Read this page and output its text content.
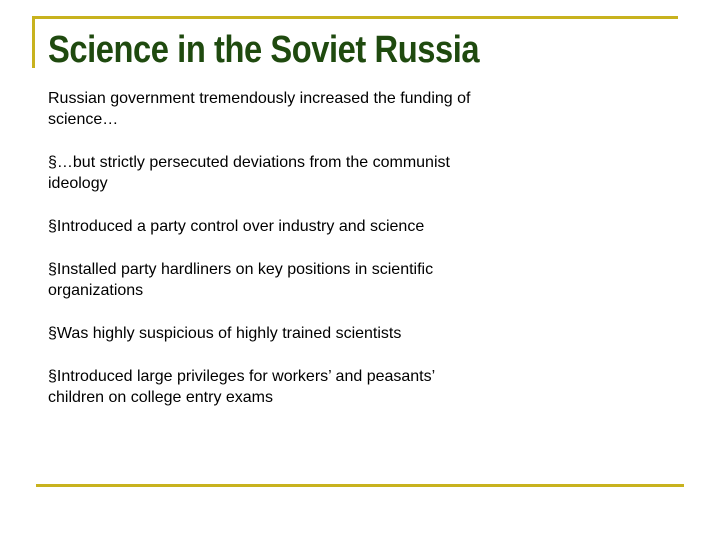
Science in the Soviet Russia

Russian government tremendously increased the funding of science…

§…but strictly persecuted deviations from the communist ideology
§Introduced a party control over industry and science
§Installed party hardliners on key positions in scientific organizations
§Was highly suspicious of highly trained scientists
§Introduced large privileges for workers’ and peasants’ children on college entry exams
